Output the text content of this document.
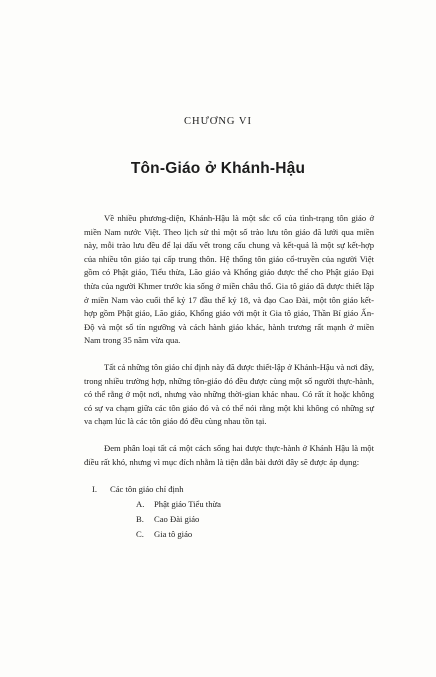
CHƯƠNG VI
Tôn-Giáo ở Khánh-Hậu

Về nhiều phương-diện, Khánh-Hậu là một sắc cổ của tình-trạng tôn giáo ở miền Nam nước Việt. Theo lịch sử thì một số trào lưu tôn giáo đã lưới qua miền này, mỗi trào lưu đều để lại dấu vết trong cấu chung và kết-quả là một sự kết-hợp của nhiều tôn giáo tại cấp trung thôn. Hệ thống tôn giáo cổ-truyền của người Việt gồm có Phật giáo, Tiểu thừa, Lão giáo và Khổng giáo được thể cho Phật giáo Đại thừa của người Khmer trước kia sống ở miền châu thổ. Gia tô giáo đã được thiết lập ở miền Nam vào cuối thế kỷ 17 đầu thế kỷ 18, và đạo Cao Đài, một tôn giáo kết-hợp gồm Phật giáo, Lão giáo, Khổng giáo với một ít Gia tô giáo, Thần Bí giáo Ấn-Độ và một số tín ngưỡng và cách hành giáo khác, hành trương rất mạnh ở miền Nam trong 35 năm vừa qua.

Tất cả những tôn giáo chỉ định này đã được thiết-lập ở Khánh-Hậu và nơi đây, trong nhiều trường hợp, những tôn-giáo đó đều được cùng một số người thực-hành, có thể rằng ở một nơi, nhưng vào những thời-gian khác nhau. Có rất ít hoặc không có sự va chạm giữa các tôn giáo đó và có thể nói rằng một khi không có những sự va chạm lúc là các tôn giáo đó đều cùng nhau tồn tại.

Đem phân loại tất cả một cách sống hai được thực-hành ở Khánh Hậu là một điều rất khó, nhưng vì mục đích nhằm là tiện dẫn bài dưới đây sẽ được áp dụng:

I. Các tôn giáo chỉ định
A. Phật giáo Tiểu thừa
B. Cao Đài giáo
C. Gia tô giáo
